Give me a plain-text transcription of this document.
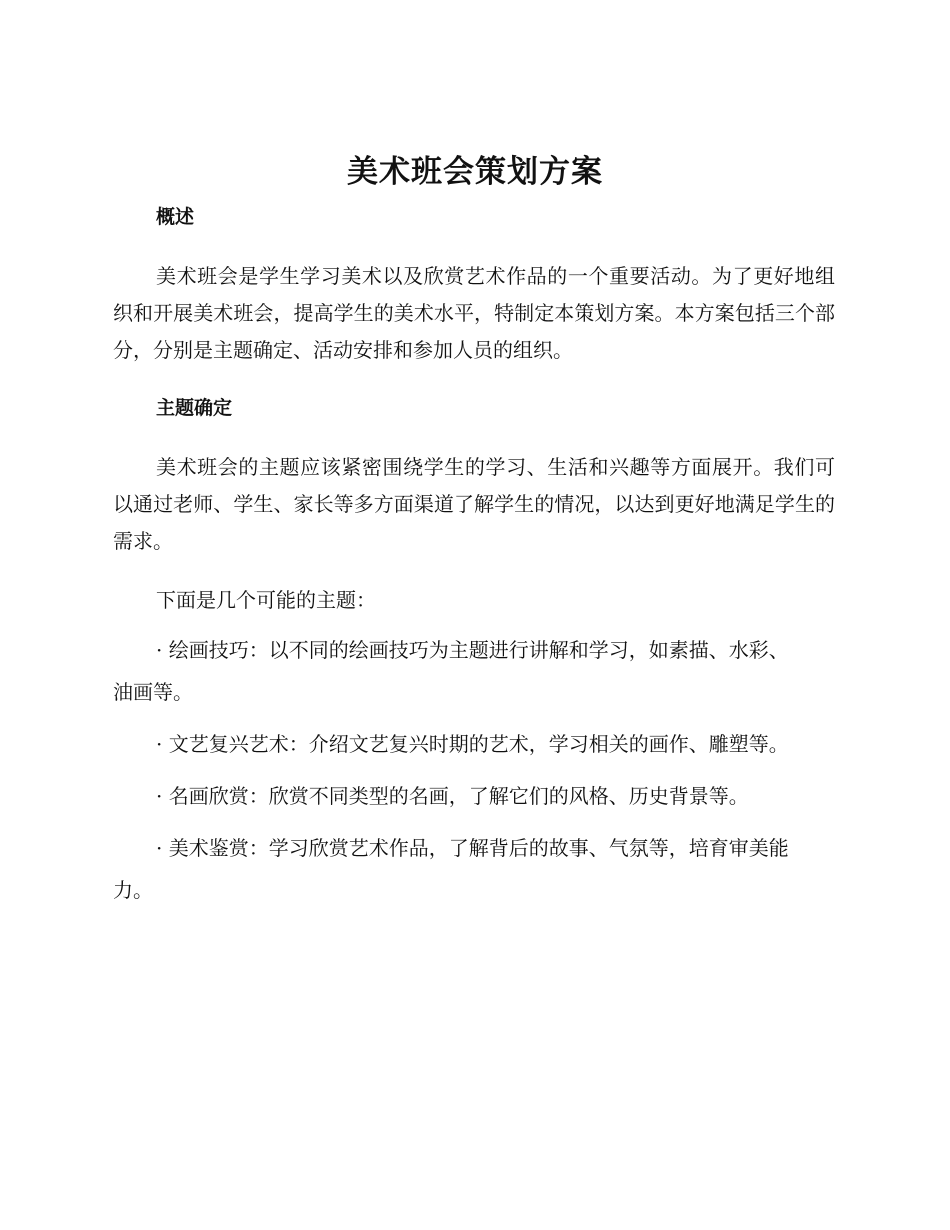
美术班会策划方案
概述

美术班会是学生学习美术以及欣赏艺术作品的一个重要活动。为了更好地组织和开展美术班会，提高学生的美术水平，特制定本策划方案。本方案包括三个部分，分别是主题确定、活动安排和参加人员的组织。

主题确定

美术班会的主题应该紧密围绕学生的学习、生活和兴趣等方面展开。我们可以通过老师、学生、家长等多方面渠道了解学生的情况，以达到更好地满足学生的需求。

下面是几个可能的主题：

· 绘画技巧：以不同的绘画技巧为主题进行讲解和学习，如素描、水彩、油画等。

· 文艺复兴艺术：介绍文艺复兴时期的艺术，学习相关的画作、雕塑等。

· 名画欣赏：欣赏不同类型的名画，了解它们的风格、历史背景等。

· 美术鉴赏：学习欣赏艺术作品，了解背后的故事、气氛等，培育审美能力。
